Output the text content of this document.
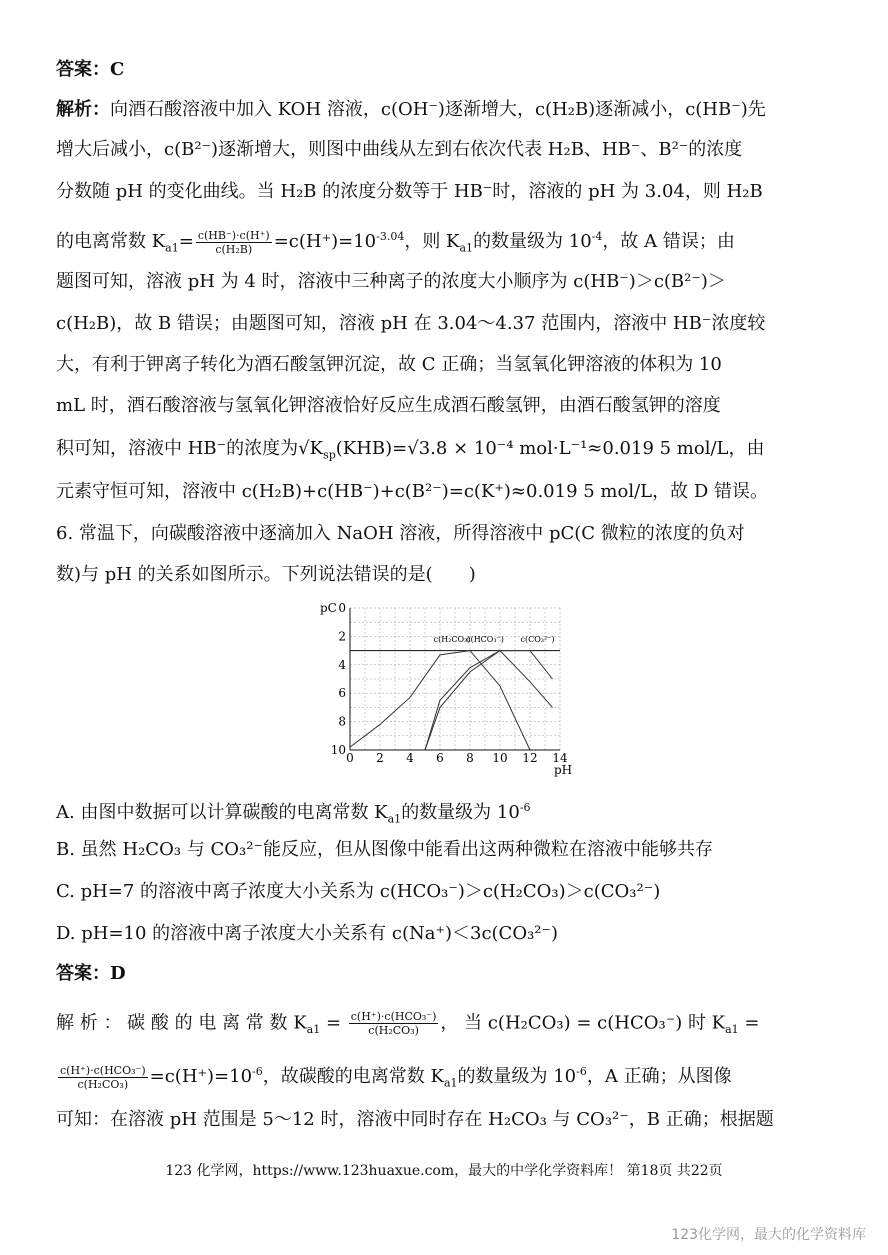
答案：C
解析：向酒石酸溶液中加入 KOH 溶液，c(OH⁻)逐渐增大，c(H₂B)逐渐减小，c(HB⁻)先
增大后减小，c(B²⁻)逐渐增大，则图中曲线从左到右依次代表 H₂B、HB⁻、B²⁻的浓度
分数随 pH 的变化曲线。当 H₂B 的浓度分数等于 HB⁻时，溶液的 pH 为 3.04，则 H₂B
的电离常数 $K_{a1}= \frac{c(HB^-)\cdot c(H^+)}{\text{c(H₂B)}} =c(H^+)=10^{-3.04}$，则 $K_{a1}$的数量级为 $10^{-4}$，故 A 错误；由
题图可知，溶液 pH 为 4 时，溶液中三种离子的浓度大小顺序为 c(HB⁻)＞c(B²⁻)＞
c(H₂B)，故 B 错误；由题图可知，溶液 pH 在 3.04～4.37 范围内，溶液中 HB⁻浓度较
大，有利于钾离子转化为酒石酸氢钾沉淀，故 C 正确；当氢氧化钾溶液的体积为 10
mL 时，酒石酸溶液与氢氧化钾溶液恰好反应生成酒石酸氢钾，由酒石酸氢钾的溶度
积可知，溶液中 HB⁻的浓度为$√K_{sp}(KHB)=√3.8 \times 10^{-4}$ mol·L⁻¹≈0.019 5 mol/L，由
元素守恒可知，溶液中 c(H₂B)+c(HB⁻)+c(B²⁻)=c(K⁺)≈0.019 5 mol/L，故 D 错误。
6. 常温下，向碳酸溶液中逐滴加入 NaOH 溶液，所得溶液中 pC(C 微粒的浓度的负对
数)与 pH 的关系如图所示。下列说法错误的是(　　)
A. 由图中数据可以计算碳酸的电离常数 $K_{a1}$的数量级为 $10^{-6}$
B. 虽然 H₂CO₃ 与 CO₃²⁻能反应，但从图像中能看出这两种微粒在溶液中能够共存
C. pH=7 的溶液中离子浓度大小关系为 c(HCO₃⁻)＞c(H₂CO₃)＞c(CO₃²⁻)
D. pH=10 的溶液中离子浓度大小关系有 c(Na⁺)＜3c(CO₃²⁻)
答案：D
解 析 ： 碳 酸 的 电 离 常 数 $K_{a1} = \frac{\text{c(H⁺)·c(HCO₃⁻)}}{\text{c(H₂CO₃)}}$ ， 当 c(H₂CO₃) = c(HCO₃⁻) 时 $K_{a1}$ =
$\frac{\text{c(H⁺)·c(HCO₃⁻)}}{\text{c(H₂CO₃)}} =c(H^+)=10^{-6}$，故碳酸的电离常数 $K_{a1}$的数量级为 $10^{-6}$，A 正确；从图像
可知：在溶液 pH 范围是 5～12 时，溶液中同时存在 H₂CO₃ 与 CO₃²⁻，B 正确；根据题
0 2 4 6 8 10 12 14
0
2
4
6
8
10
pC
pH
c(H₂CO₃)
c(HCO₃⁻) c(CO₃²⁻)
123 化学网，https://www.123huaxue.com，最大的中学化学资料库！ 第18页 共22页
123化学网，最大的化学资料库
